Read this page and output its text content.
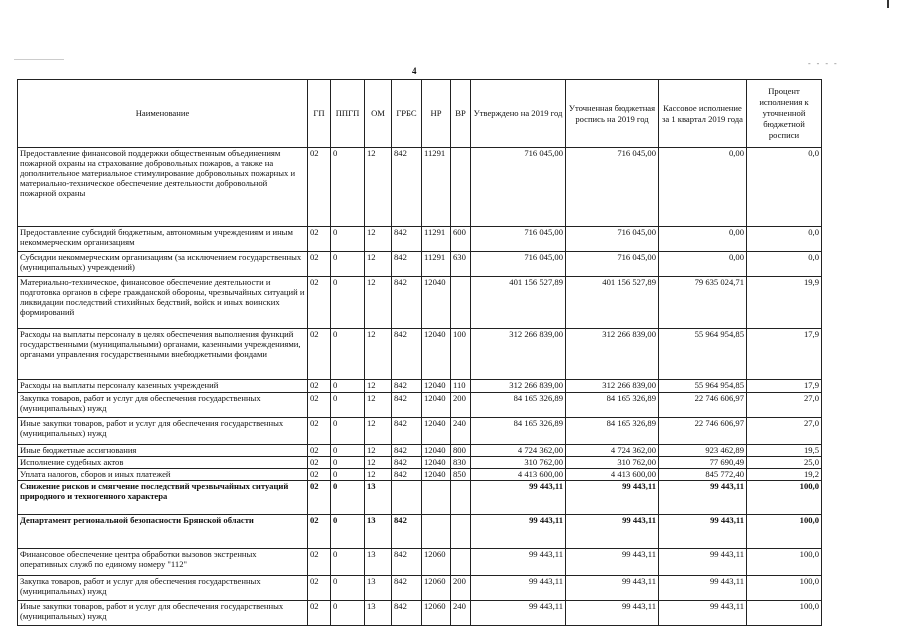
- - - -
4
Наименование	ГП	ППГП	ОМ	ГРБС	НР	ВР	Утверждено на 2019 год	Уточненная бюджетная роспись на 2019 год	Кассовое исполнение за 1 квартал 2019 года	Процент исполнения к уточненной бюджетной росписи
Предоставление финансовой поддержки общественным объединениям пожарной охраны на страхование добровольных пожаров, а также на дополнительное материальное стимулирование добровольных пожарных и материально-техническое обеспечение деятельности добровольной пожарной охраны	02	0	12	842	11291		716 045,00	716 045,00	0,00	0,0
Предоставление субсидий бюджетным, автономным учреждениям и иным некоммерческим организациям	02	0	12	842	11291	600	716 045,00	716 045,00	0,00	0,0
Субсидии некоммерческим организациям (за исключением государственных (муниципальных) учреждений)	02	0	12	842	11291	630	716 045,00	716 045,00	0,00	0,0
Материально-техническое, финансовое обеспечение деятельности и подготовка органов в сфере гражданской обороны, чрезвычайных ситуаций и ликвидации последствий стихийных бедствий, войск и иных воинских формирований	02	0	12	842	12040		401 156 527,89	401 156 527,89	79 635 024,71	19,9
Расходы на выплаты персоналу в целях обеспечения выполнения функций государственными (муниципальными) органами, казенными учреждениями, органами управления государственными внебюджетными фондами	02	0	12	842	12040	100	312 266 839,00	312 266 839,00	55 964 954,85	17,9
Расходы на выплаты персоналу казенных учреждений	02	0	12	842	12040	110	312 266 839,00	312 266 839,00	55 964 954,85	17,9
Закупка товаров, работ и услуг для обеспечения государственных (муниципальных) нужд	02	0	12	842	12040	200	84 165 326,89	84 165 326,89	22 746 606,97	27,0
Иные закупки товаров, работ и услуг для обеспечения государственных (муниципальных) нужд	02	0	12	842	12040	240	84 165 326,89	84 165 326,89	22 746 606,97	27,0
Иные бюджетные ассигнования	02	0	12	842	12040	800	4 724 362,00	4 724 362,00	923 462,89	19,5
Исполнение судебных актов	02	0	12	842	12040	830	310 762,00	310 762,00	77 690,49	25,0
Уплата налогов, сборов и иных платежей	02	0	12	842	12040	850	4 413 600,00	4 413 600,00	845 772,40	19,2
Снижение рисков и смягчение последствий чрезвычайных ситуаций природного и техногенного характера	02	0	13				99 443,11	99 443,11	99 443,11	100,0
Департамент региональной безопасности Брянской области	02	0	13	842			99 443,11	99 443,11	99 443,11	100,0
Финансовое обеспечение центра обработки вызовов экстренных оперативных служб по единому номеру "112"	02	0	13	842	12060		99 443,11	99 443,11	99 443,11	100,0
Закупка товаров, работ и услуг для обеспечения государственных (муниципальных) нужд	02	0	13	842	12060	200	99 443,11	99 443,11	99 443,11	100,0
Иные закупки товаров, работ и услуг для обеспечения государственных (муниципальных) нужд	02	0	13	842	12060	240	99 443,11	99 443,11	99 443,11	100,0
